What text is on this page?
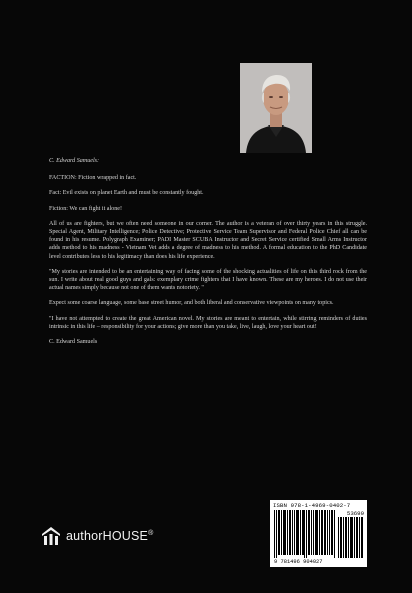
C. Edward Samuels:

FACTION: Fiction wrapped in fact.

Fact: Evil exists on planet Earth and must be constantly fought.

Fiction: We can fight it alone!

All of us are fighters, but we often need someone in our corner. The author is a veteran of over thirty years in this struggle. Special Agent, Military Intelligence; Police Detective; Protective Service Team Supervisor and Federal Police Chief all can be found in his resume. Polygraph Examiner; PADI Master SCUBA Instructor and Secret Service certified Small Arms Instructor adds method to his madness - Vietnam Vet adds a degree of madness to his method. A formal education to the PhD Candidate level contributes less to his legitimacy than does his life experience.

"My stories are intended to be an entertaining way of facing some of the shocking actualities of life on this third rock from the sun. I write about real good guys and gals: exemplary crime fighters that I have known. These are my heroes. I do not use their actual names simply because not one of them wants notoriety. "

Expect some coarse language, some base street humor, and both liberal and conservative viewpoints on many topics.

"I have not attempted to create the great American novel. My stories are meant to entertain, while stirring reminders of duties intrinsic in this life – responsibility for your actions; give more than you take, live, laugh, love your heart out!

C. Edward Samuels

authorHOUSE®
ISBN 978-1-4969-0402-7
53699
9 781496 904027
